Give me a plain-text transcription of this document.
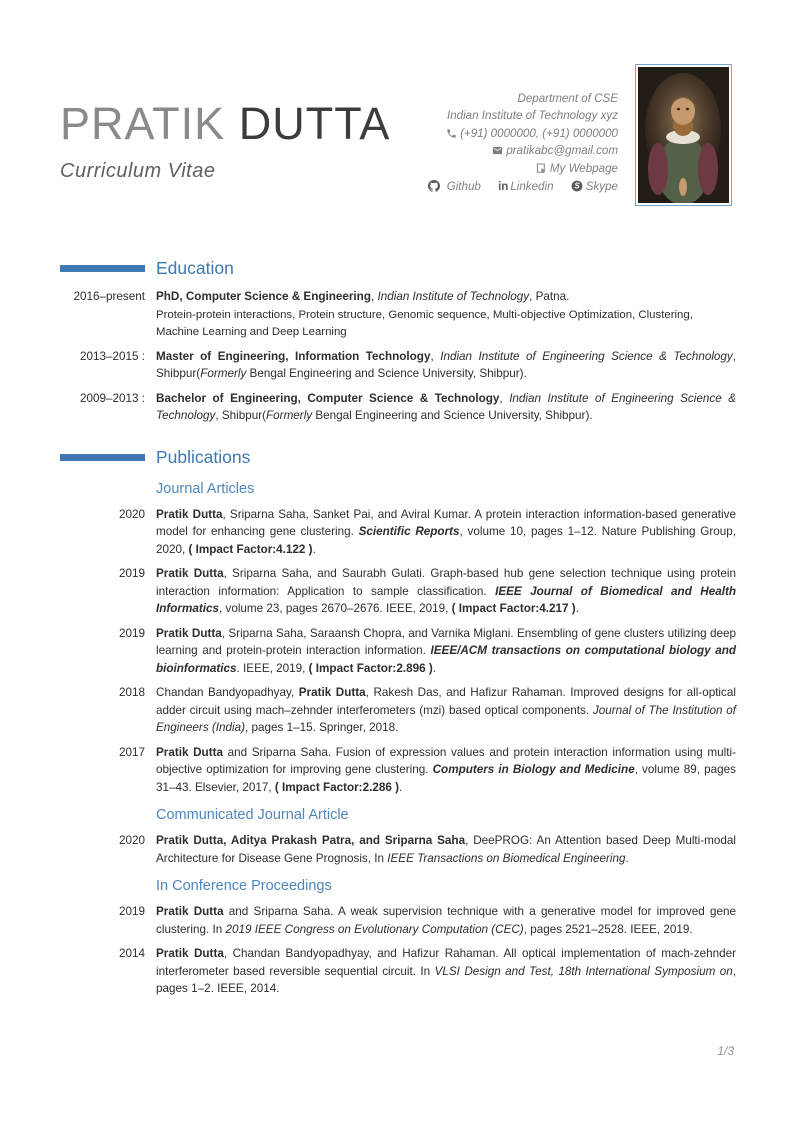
PRATIK DUTTA
Curriculum Vitae
Department of CSE
Indian Institute of Technology xyz
(+91) 0000000, (+91) 0000000
pratikabc@gmail.com
My Webpage
Github in Linkedin S Skype
Education
2016–present PhD, Computer Science & Engineering, Indian Institute of Technology, Patna.
Protein-protein interactions, Protein structure, Genomic sequence, Multi-objective Optimization, Clustering, Machine Learning and Deep Learning
2013–2015 : Master of Engineering, Information Technology, Indian Institute of Engineering Science & Technology, Shibpur(Formerly Bengal Engineering and Science University, Shibpur).
2009–2013 : Bachelor of Engineering, Computer Science & Technology, Indian Institute of Engineering Science & Technology, Shibpur(Formerly Bengal Engineering and Science University, Shibpur).
Publications
Journal Articles
2020 Pratik Dutta, Sriparna Saha, Sanket Pai, and Aviral Kumar. A protein interaction information-based generative model for enhancing gene clustering. Scientific Reports, volume 10, pages 1–12. Nature Publishing Group, 2020, ( Impact Factor:4.122 ).
2019 Pratik Dutta, Sriparna Saha, and Saurabh Gulati. Graph-based hub gene selection technique using protein interaction information: Application to sample classification. IEEE Journal of Biomedical and Health Informatics, volume 23, pages 2670–2676. IEEE, 2019, ( Impact Factor:4.217 ).
2019 Pratik Dutta, Sriparna Saha, Saraansh Chopra, and Varnika Miglani. Ensembling of gene clusters utilizing deep learning and protein-protein interaction information. IEEE/ACM transactions on computational biology and bioinformatics. IEEE, 2019, ( Impact Factor:2.896 ).
2018 Chandan Bandyopadhyay, Pratik Dutta, Rakesh Das, and Hafizur Rahaman. Improved designs for all-optical adder circuit using mach–zehnder interferometers (mzi) based optical components. Journal of The Institution of Engineers (India), pages 1–15. Springer, 2018.
2017 Pratik Dutta and Sriparna Saha. Fusion of expression values and protein interaction information using multi-objective optimization for improving gene clustering. Computers in Biology and Medicine, volume 89, pages 31–43. Elsevier, 2017, ( Impact Factor:2.286 ).
Communicated Journal Article
2020 Pratik Dutta, Aditya Prakash Patra, and Sriparna Saha, DeePROG: An Attention based Deep Multi-modal Architecture for Disease Gene Prognosis, In IEEE Transactions on Biomedical Engineering.
In Conference Proceedings
2019 Pratik Dutta and Sriparna Saha. A weak supervision technique with a generative model for improved gene clustering. In 2019 IEEE Congress on Evolutionary Computation (CEC), pages 2521–2528. IEEE, 2019.
2014 Pratik Dutta, Chandan Bandyopadhyay, and Hafizur Rahaman. All optical implementation of mach-zehnder interferometer based reversible sequential circuit. In VLSI Design and Test, 18th International Symposium on, pages 1–2. IEEE, 2014.
1/3
